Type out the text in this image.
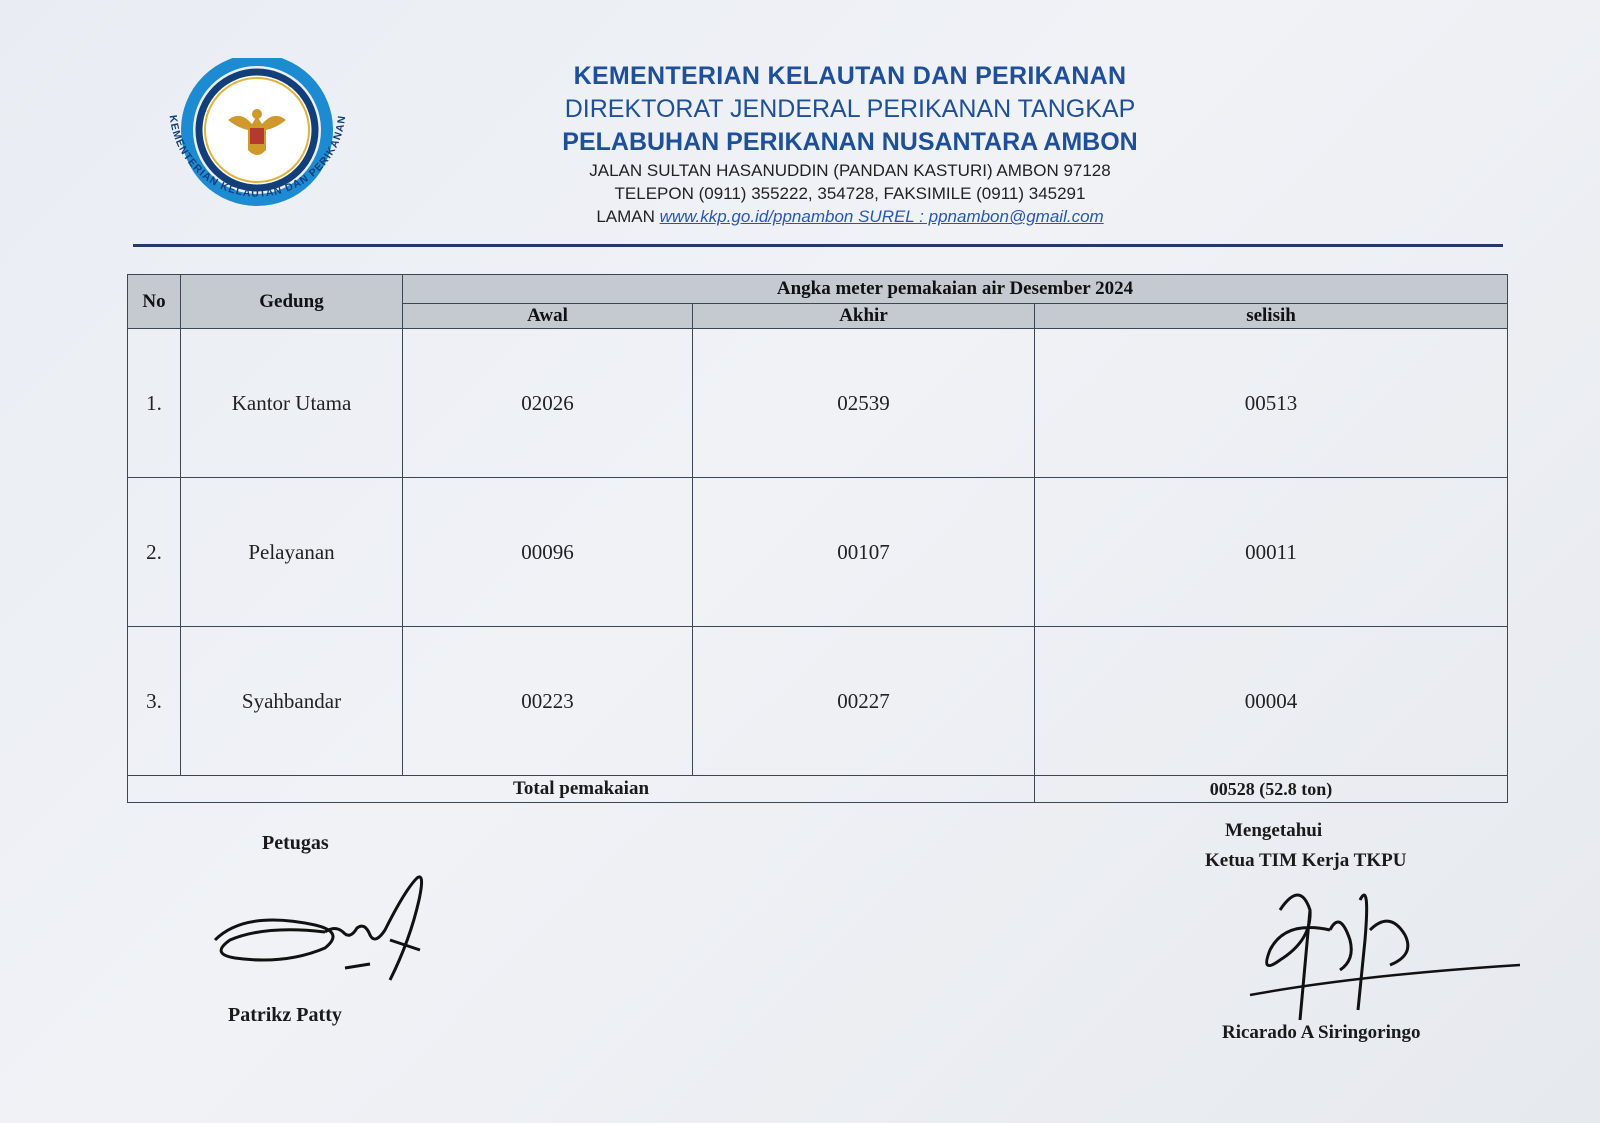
KEMENTERIAN KELAUTAN DAN PERIKANAN
KEMENTERIAN KELAUTAN DAN PERIKANAN
DIREKTORAT JENDERAL PERIKANAN TANGKAP
PELABUHAN PERIKANAN NUSANTARA AMBON
JALAN SULTAN HASANUDDIN (PANDAN KASTURI) AMBON 97128
TELEPON (0911) 355222, 354728, FAKSIMILE (0911) 345291
LAMAN www.kkp.go.id/ppnambon SUREL : ppnambon@gmail.com
No	Gedung	Angka meter pemakaian air Desember 2024		
		Awal	Akhir	selisih
1.	Kantor Utama	02026	02539	00513
2.	Pelayanan	00096	00107	00011
3.	Syahbandar	00223	00227	00004
Total pemakaian				00528 (52.8 ton)
Petugas
Patrikz Patty
Mengetahui
Ketua TIM Kerja TKPU
Ricarado A Siringoringo
